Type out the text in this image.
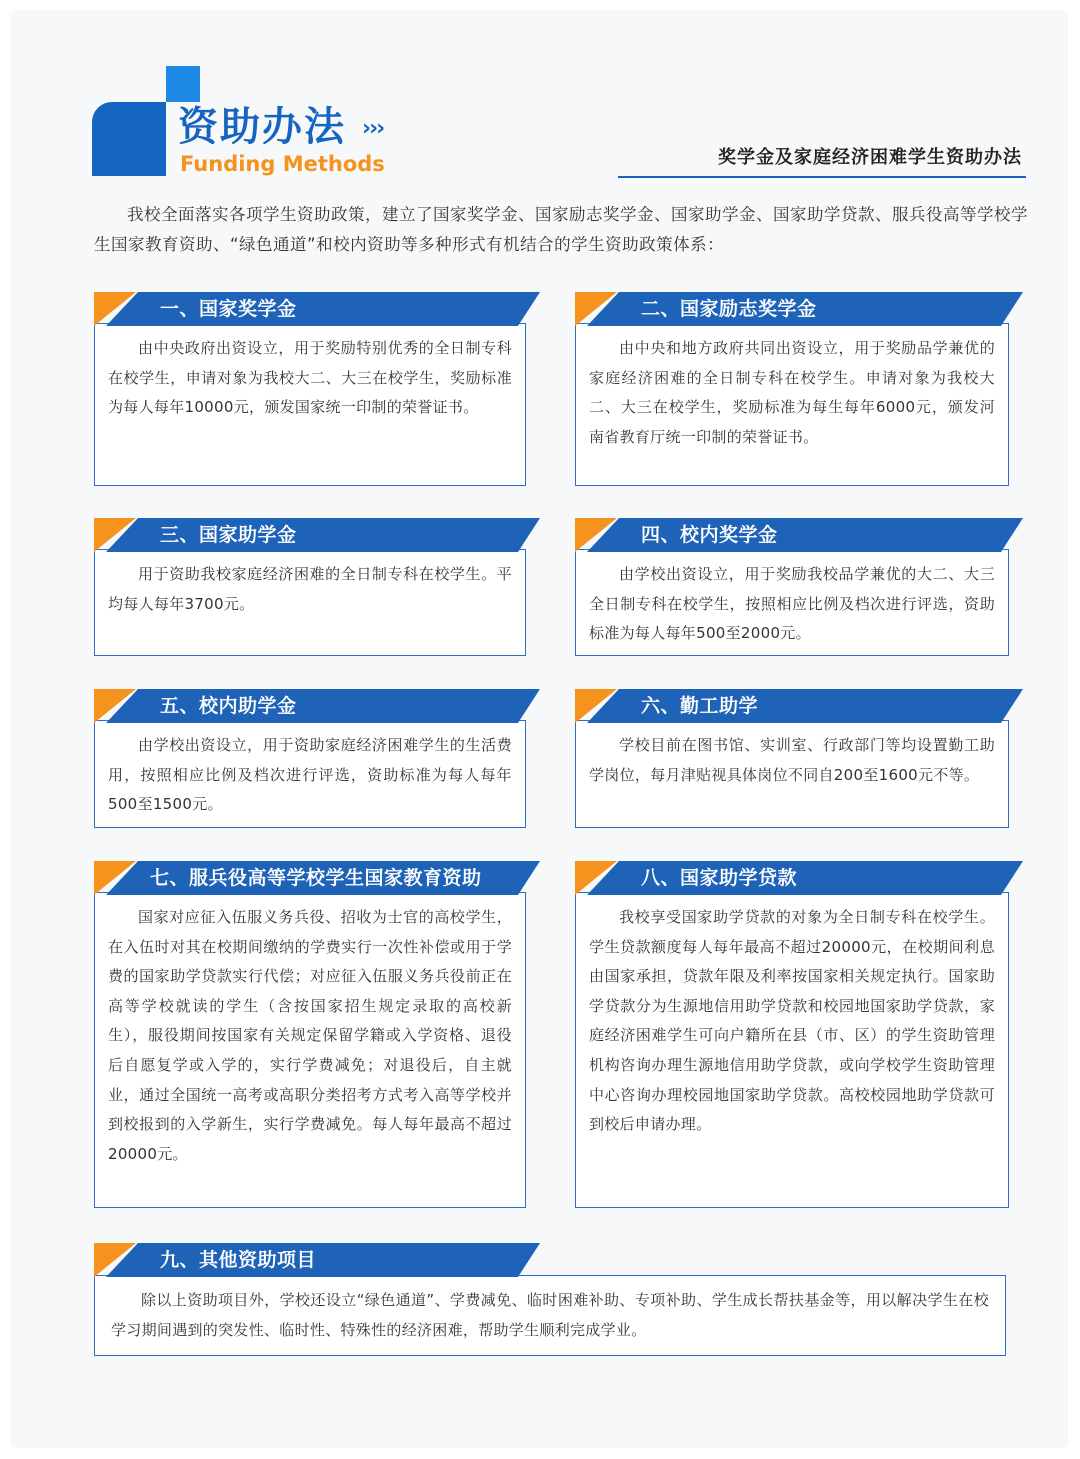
资助办法 ›››
Funding Methods	奖学金及家庭经济困难学生资助办法
我校全面落实各项学生资助政策，建立了国家奖学金、国家励志奖学金、国家助学金、国家助学贷款、服兵役高等学校学生国家教育资助、“绿色通道”和校内资助等多种形式有机结合的学生资助政策体系：
由中央政府出资设立，用于奖励特别优秀的全日制专科在校学生，申请对象为我校大二、大三在校学生，奖励标准为每人每年10000元，颁发国家统一印制的荣誉证书。
一、国家奖学金
由中央和地方政府共同出资设立，用于奖励品学兼优的家庭经济困难的全日制专科在校学生。申请对象为我校大二、大三在校学生，奖励标准为每生每年6000元，颁发河南省教育厅统一印制的荣誉证书。
二、国家励志奖学金
用于资助我校家庭经济困难的全日制专科在校学生。平均每人每年3700元。
三、国家助学金
由学校出资设立，用于奖励我校品学兼优的大二、大三全日制专科在校学生，按照相应比例及档次进行评选，资助标准为每人每年500至2000元。
四、校内奖学金
由学校出资设立，用于资助家庭经济困难学生的生活费用，按照相应比例及档次进行评选，资助标准为每人每年500至1500元。
五、校内助学金
学校目前在图书馆、实训室、行政部门等均设置勤工助学岗位，每月津贴视具体岗位不同自200至1600元不等。
六、勤工助学
国家对应征入伍服义务兵役、招收为士官的高校学生，在入伍时对其在校期间缴纳的学费实行一次性补偿或用于学费的国家助学贷款实行代偿；对应征入伍服义务兵役前正在高等学校就读的学生（含按国家招生规定录取的高校新生），服役期间按国家有关规定保留学籍或入学资格、退役后自愿复学或入学的，实行学费减免；对退役后，自主就业，通过全国统一高考或高职分类招考方式考入高等学校并到校报到的入学新生，实行学费减免。每人每年最高不超过20000元。
七、服兵役高等学校学生国家教育资助
我校享受国家助学贷款的对象为全日制专科在校学生。学生贷款额度每人每年最高不超过20000元，在校期间利息由国家承担，贷款年限及利率按国家相关规定执行。国家助学贷款分为生源地信用助学贷款和校园地国家助学贷款，家庭经济困难学生可向户籍所在县（市、区）的学生资助管理机构咨询办理生源地信用助学贷款，或向学校学生资助管理中心咨询办理校园地国家助学贷款。高校校园地助学贷款可到校后申请办理。
八、国家助学贷款
除以上资助项目外，学校还设立“绿色通道”、学费减免、临时困难补助、专项补助、学生成长帮扶基金等，用以解决学生在校学习期间遇到的突发性、临时性、特殊性的经济困难，帮助学生顺利完成学业。
九、其他资助项目
